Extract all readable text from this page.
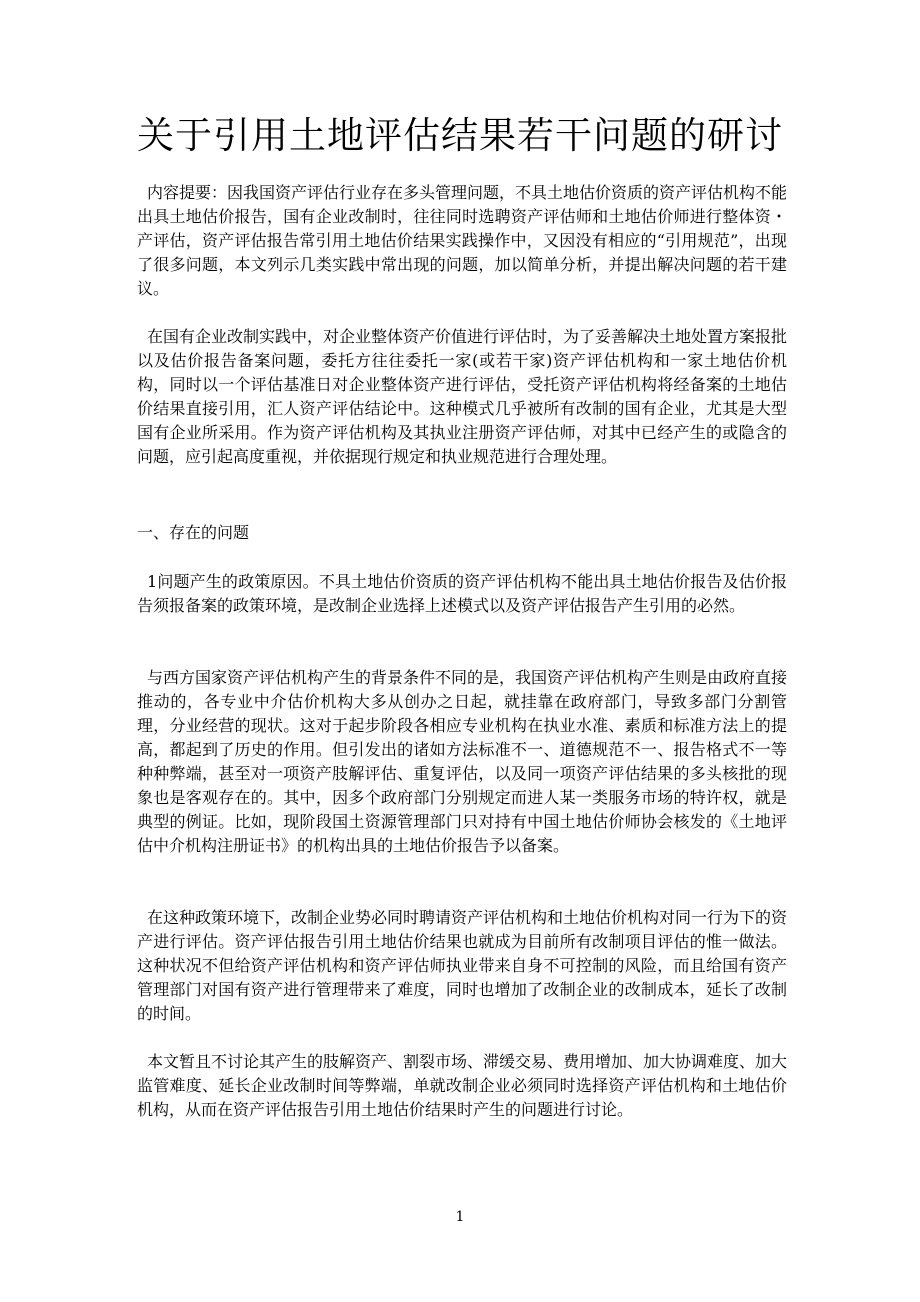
关于引用土地评估结果若干问题的研讨

内容提要：因我国资产评估行业存在多头管理问题，不具土地估价资质的资产评估机构不能出具土地估价报告，国有企业改制时，往往同时选聘资产评估师和土地估价师进行整体资・产评估，资产评估报告常引用土地估价结果实践操作中，又因没有相应的“引用规范”，出现了很多问题，本文列示几类实践中常出现的问题，加以简单分析，并提出解决问题的若干建议。

在国有企业改制实践中，对企业整体资产价值进行评估时，为了妥善解决土地处置方案报批以及估价报告备案问题，委托方往往委托一家(或若干家)资产评估机构和一家土地估价机构，同时以一个评估基准日对企业整体资产进行评估，受托资产评估机构将经备案的土地估价结果直接引用，汇人资产评估结论中。这种模式几乎被所有改制的国有企业，尤其是大型国有企业所采用。作为资产评估机构及其执业注册资产评估师，对其中已经产生的或隐含的问题，应引起高度重视，并依据现行规定和执业规范进行合理处理。

一、存在的问题

1问题产生的政策原因。不具土地估价资质的资产评估机构不能出具土地估价报告及估价报告须报备案的政策环境，是改制企业选择上述模式以及资产评估报告产生引用的必然。

与西方国家资产评估机构产生的背景条件不同的是，我国资产评估机构产生则是由政府直接推动的，各专业中介估价机构大多从创办之日起，就挂靠在政府部门，导致多部门分割管理，分业经营的现状。这对于起步阶段各相应专业机构在执业水准、素质和标准方法上的提高，都起到了历史的作用。但引发出的诸如方法标准不一、道德规范不一、报告格式不一等种种弊端，甚至对一项资产肢解评估、重复评估，以及同一项资产评估结果的多头核批的现象也是客观存在的。其中，因多个政府部门分别规定而进人某一类服务市场的特许权，就是典型的例证。比如，现阶段国土资源管理部门只对持有中国土地估价师协会核发的《土地评估中介机构注册证书》的机构出具的土地估价报告予以备案。

在这种政策环境下，改制企业势必同时聘请资产评估机构和土地估价机构对同一行为下的资产进行评估。资产评估报告引用土地估价结果也就成为目前所有改制项目评估的惟一做法。这种状况不但给资产评估机构和资产评估师执业带来自身不可控制的风险，而且给国有资产管理部门对国有资产进行管理带来了难度，同时也增加了改制企业的改制成本，延长了改制的时间。

本文暂且不讨论其产生的肢解资产、割裂市场、滞缓交易、费用增加、加大协调难度、加大监管难度、延长企业改制时间等弊端，单就改制企业必须同时选择资产评估机构和土地估价机构，从而在资产评估报告引用土地估价结果时产生的问题进行讨论。

1
